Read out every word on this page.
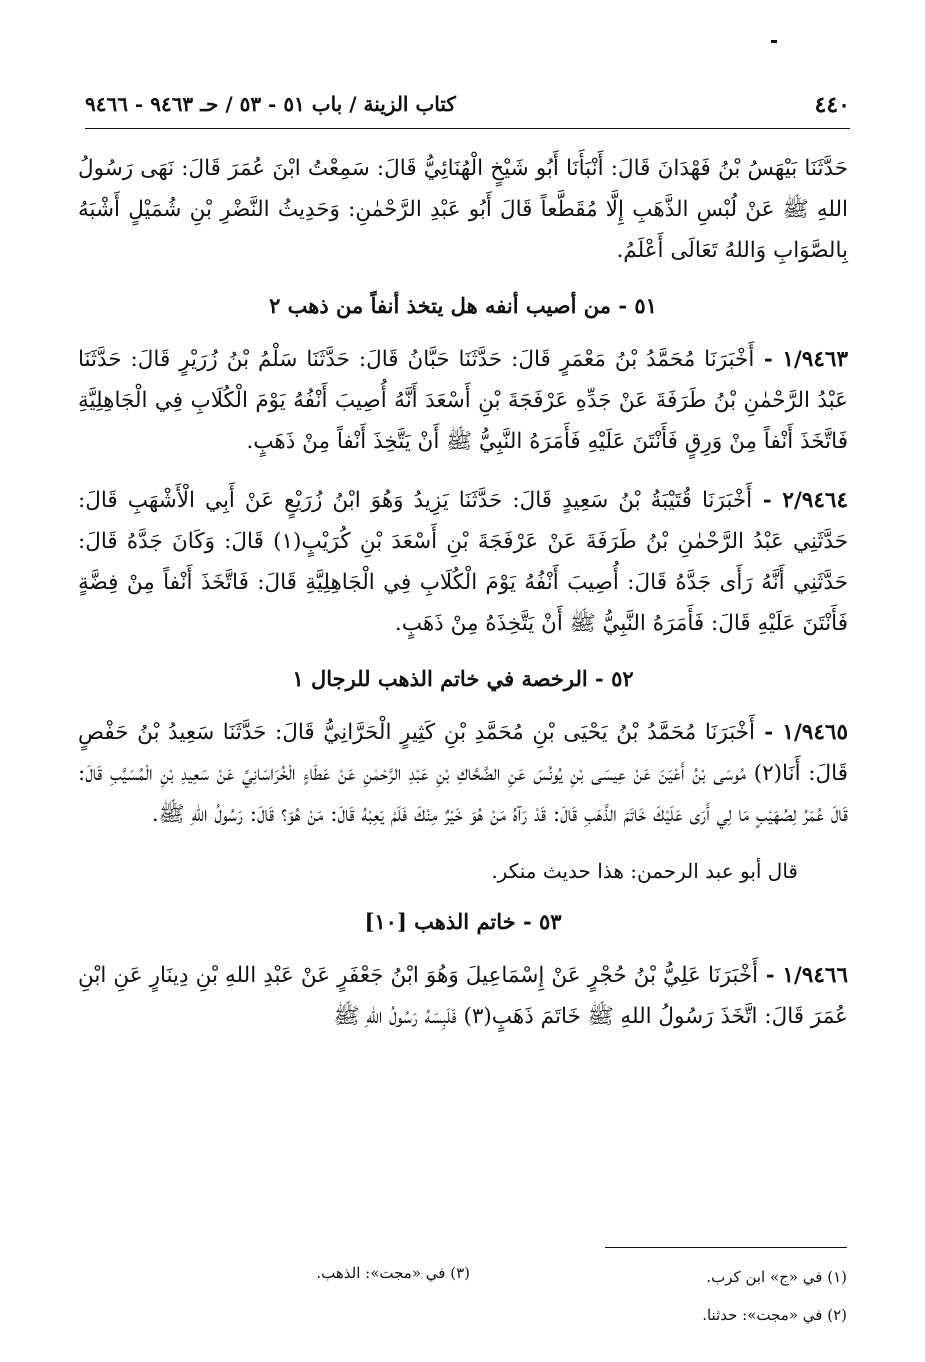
٤٤٠
كتاب الزينة / باب ٥١ - ٥٣ / حـ ٩٤٦٣ - ٩٤٦٦

حَدَّثَنَا بَيْهَسُ بْنُ فَهْدَانَ قَالَ: أَنْبَأَنَا أَبُو شَيْخٍ الْهُنَائِيُّ قَالَ: سَمِعْتُ ابْنَ عُمَرَ قَالَ: نَهَى رَسُولُ اللهِ ﷺ عَنْ لُبْسِ الذَّهَبِ إِلَّا مُقَطَّعاً قَالَ أَبُو عَبْدِ الرَّحْمٰنِ: وَحَدِيثُ النَّضْرِ بْنِ شُمَيْلٍ أَشْبَهُ بِالصَّوَابِ وَاللهُ تَعَالَى أَعْلَمُ.

٥١ - من أصيب أنفه هل يتخذ أنفاً من ذهب ٢

١/٩٤٦٣ - أَخْبَرَنَا مُحَمَّدُ بْنُ مَعْمَرٍ قَالَ: حَدَّثَنَا حَبَّانُ قَالَ: حَدَّثَنَا سَلْمُ بْنُ زُرَيْرٍ قَالَ: حَدَّثَنَا عَبْدُ الرَّحْمٰنِ بْنُ طَرَفَةَ عَنْ جَدِّهِ عَرْفَجَةَ بْنِ أَسْعَدَ أَنَّهُ أُصِيبَ أَنْفُهُ يَوْمَ الْكُلَابِ فِي الْجَاهِلِيَّةِ فَاتَّخَذَ أَنْفاً مِنْ وَرِقٍ فَأَنْتَنَ عَلَيْهِ فَأَمَرَهُ النَّبِيُّ ﷺ أَنْ يَتَّخِذَ أَنْفاً مِنْ ذَهَبٍ.

٢/٩٤٦٤ - أَخْبَرَنَا قُتَيْبَةُ بْنُ سَعِيدٍ قَالَ: حَدَّثَنَا يَزِيدُ وَهُوَ ابْنُ زُرَيْعٍ عَنْ أَبِي الْأَشْهَبِ قَالَ: حَدَّثَنِي عَبْدُ الرَّحْمٰنِ بْنُ طَرَفَةَ عَنْ عَرْفَجَةَ بْنِ أَسْعَدَ بْنِ كُرَيْبٍ(١) قَالَ: وَكَانَ جَدَّهُ قَالَ: حَدَّثَنِي أَنَّهُ رَأَى جَدَّهُ قَالَ: أُصِيبَ أَنْفُهُ يَوْمَ الْكُلَابِ فِي الْجَاهِلِيَّةِ قَالَ: فَاتَّخَذَ أَنْفاً مِنْ فِضَّةٍ فَأَنْتَنَ عَلَيْهِ قَالَ: فَأَمَرَهُ النَّبِيُّ ﷺ أَنْ يَتَّخِذَهُ مِنْ ذَهَبٍ.

٥٢ - الرخصة في خاتم الذهب للرجال ١

١/٩٤٦٥ - أَخْبَرَنَا مُحَمَّدُ بْنُ يَحْيَى بْنِ مُحَمَّدِ بْنِ كَثِيرٍ الْحَرَّانِيُّ قَالَ: حَدَّثَنَا سَعِيدُ بْنُ حَفْصٍ قَالَ: أَنَا(٢) مُوسَى بْنُ أَعْيَنَ عَنْ عِيسَى بْنِ يُونُسَ عَنِ الضَّحَّاكِ بْنِ عَبْدِ الرَّحْمٰنِ عَنْ عَطَاءٍ الْخُرَاسَانِيِّ عَنْ سَعِيدِ بْنِ الْمُسَيَّبِ قَالَ: قَالَ عُمَرُ لِصُهَيْبٍ مَا لِي أَرَى عَلَيْكَ خَاتَمَ الذَّهَبِ قَالَ: قَدْ رَآهُ مَنْ هُوَ خَيْرٌ مِنْكَ فَلَمْ يَعِبْهُ قَالَ: مَنْ هُوَ؟ قَالَ: رَسُولُ اللهِ ﷺ.

قال أبو عبد الرحمن: هذا حديث منكر.

٥٣ - خاتم الذهب [١٠]

١/٩٤٦٦ - أَخْبَرَنَا عَلِيُّ بْنُ حُجْرٍ عَنْ إِسْمَاعِيلَ وَهُوَ ابْنُ جَعْفَرٍ عَنْ عَبْدِ اللهِ بْنِ دِينَارٍ عَنِ ابْنِ عُمَرَ قَالَ: اتَّخَذَ رَسُولُ اللهِ ﷺ خَاتَمَ ذَهَبٍ(٣) فَلَبِسَهُ رَسُولُ اللهِ ﷺ

(١) في «ج» ابن كرب.
(٢) في «مجت»: حدثنا.
(٣) في «مجت»: الذهب.
